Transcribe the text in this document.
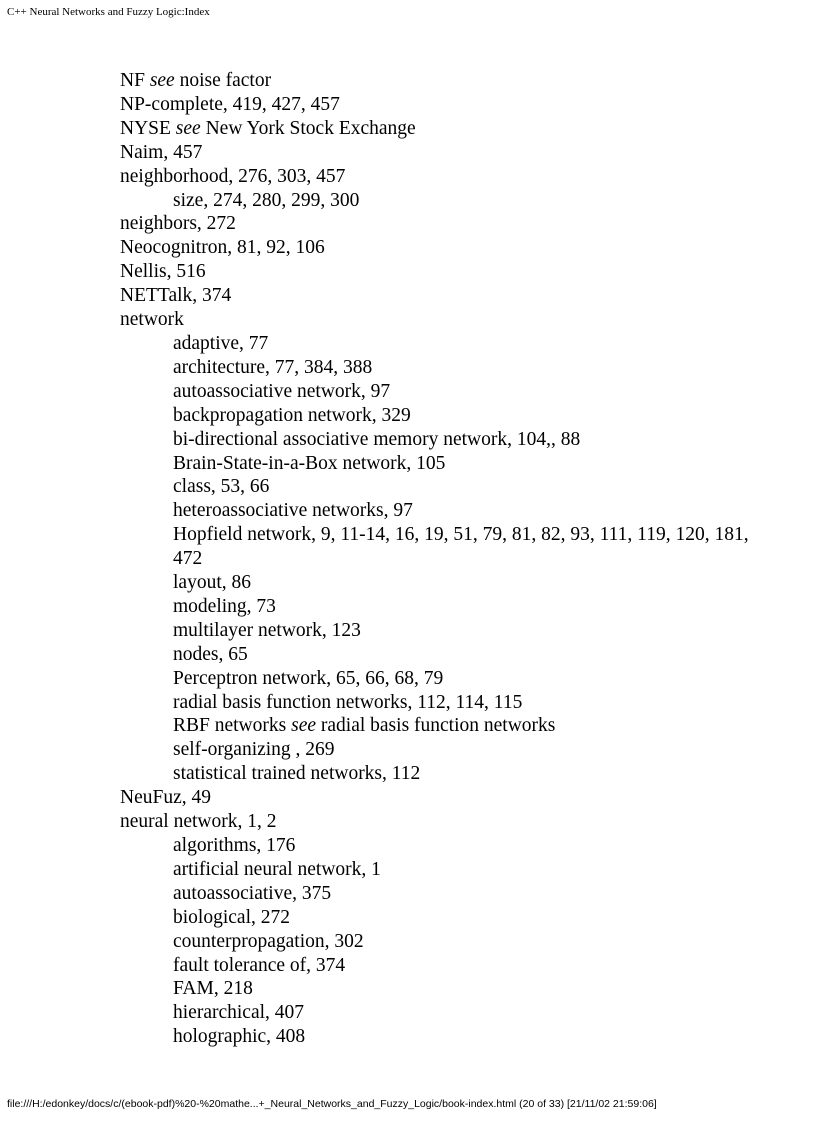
C++ Neural Networks and Fuzzy Logic:Index
NF see noise factor
NP-complete, 419, 427, 457
NYSE see New York Stock Exchange
Naim, 457
neighborhood, 276, 303, 457
size, 274, 280, 299, 300
neighbors, 272
Neocognitron, 81, 92, 106
Nellis, 516
NETTalk, 374
network
adaptive, 77
architecture, 77, 384, 388
autoassociative network, 97
backpropagation network, 329
bi-directional associative memory network, 104,, 88
Brain-State-in-a-Box network, 105
class, 53, 66
heteroassociative networks, 97
Hopfield network, 9, 11-14, 16, 19, 51, 79, 81, 82, 93, 111, 119, 120, 181, 472
layout, 86
modeling, 73
multilayer network, 123
nodes, 65
Perceptron network, 65, 66, 68, 79
radial basis function networks, 112, 114, 115
RBF networks see radial basis function networks
self-organizing , 269
statistical trained networks, 112
NeuFuz, 49
neural network, 1, 2
algorithms, 176
artificial neural network, 1
autoassociative, 375
biological, 272
counterpropagation, 302
fault tolerance of, 374
FAM, 218
hierarchical, 407
holographic, 408
file:///H:/edonkey/docs/c/(ebook-pdf)%20-%20mathe...+_Neural_Networks_and_Fuzzy_Logic/book-index.html (20 of 33) [21/11/02 21:59:06]
